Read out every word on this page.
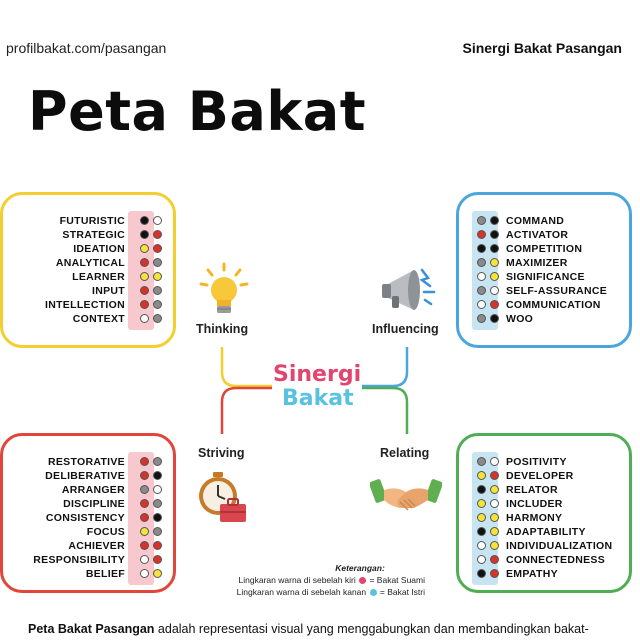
profilbakat.com/pasangan	Sinergi Bakat Pasangan
Peta Bakat
FUTURISTIC
STRATEGIC
IDEATION
ANALYTICAL
LEARNER
INPUT
INTELLECTION
CONTEXT
COMMAND
ACTIVATOR
COMPETITION
MAXIMIZER
SIGNIFICANCE
SELF-ASSURANCE
COMMUNICATION
WOO
RESTORATIVE
DELIBERATIVE
ARRANGER
DISCIPLINE
CONSISTENCY
FOCUS
ACHIEVER
RESPONSIBILITY
BELIEF
POSITIVITY
DEVELOPER
RELATOR
INCLUDER
HARMONY
ADAPTABILITY
INDIVIDUALIZATION
CONNECTEDNESS
EMPATHY
Thinking	Influencing
Striving	Relating
Sinergi
Bakat
Keterangan:
Lingkaran warna di sebelah kiri = Bakat Suami
Lingkaran warna di sebelah kanan = Bakat Istri
Peta Bakat Pasangan adalah representasi visual yang menggabungkan dan membandingkan bakat-
